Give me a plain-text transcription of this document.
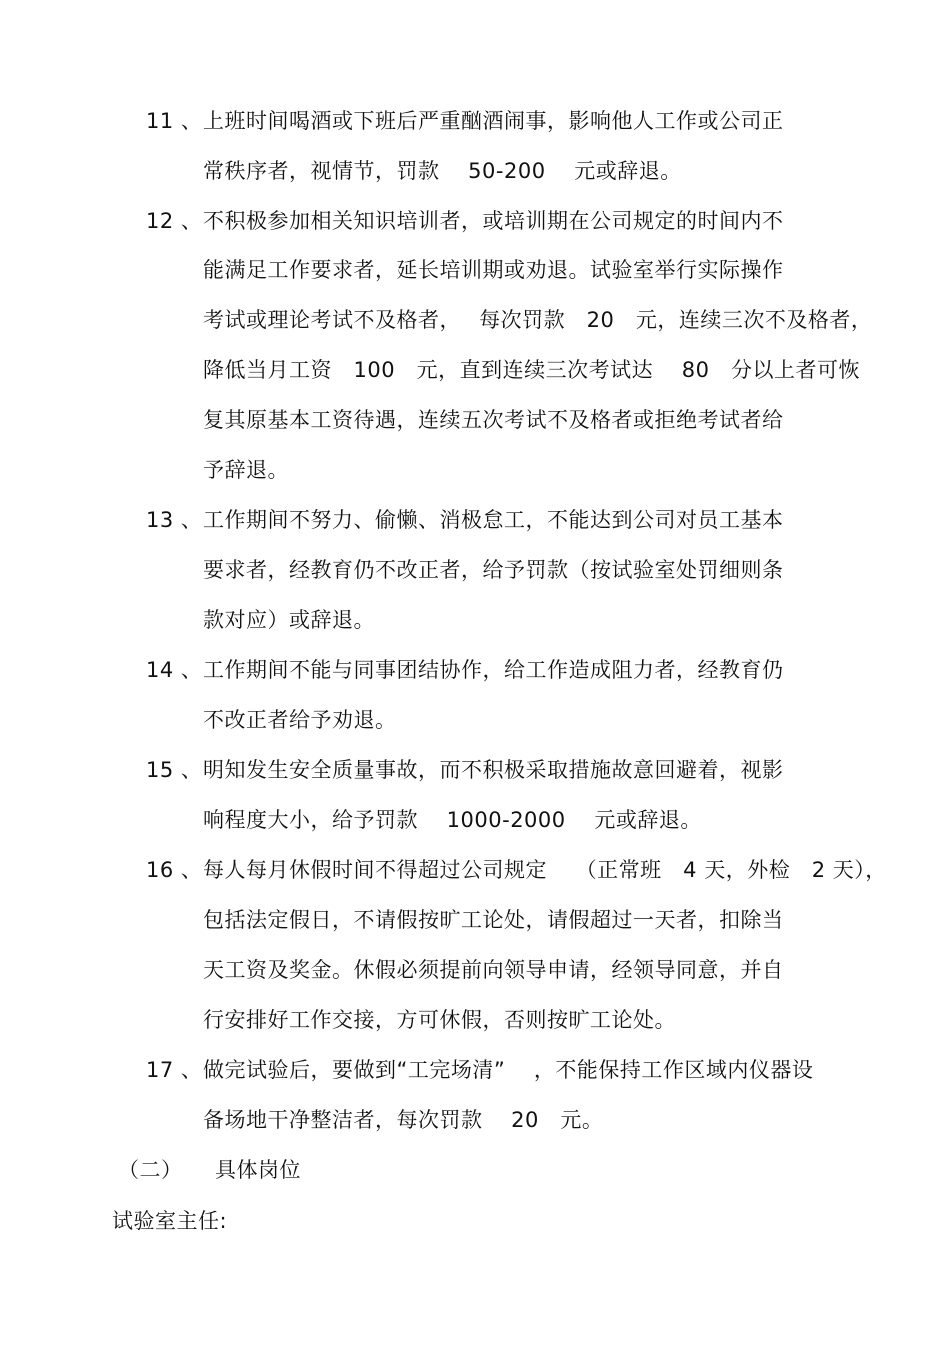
11 、 上班时间喝酒或下班后严重酗酒闹事，影响他人工作或公司正
常秩序者，视情节，罚款　 50-200 　元或辞退。
12 、 不积极参加相关知识培训者，或培训期在公司规定的时间内不
能满足工作要求者，延长培训期或劝退。试验室举行实际操作
考试或理论考试不及格者，　 每次罚款　20　元，连续三次不及格者，
降低当月工资　100　元，直到连续三次考试达　 80　分以上者可恢
复其原基本工资待遇，连续五次考试不及格者或拒绝考试者给
予辞退。
13 、 工作期间不努力、偷懒、消极怠工，不能达到公司对员工基本
要求者，经教育仍不改正者，给予罚款（按试验室处罚细则条
款对应）或辞退。
14 、 工作期间不能与同事团结协作，给工作造成阻力者，经教育仍
不改正者给予劝退。
15 、 明知发生安全质量事故，而不积极采取措施故意回避着，视影
响程度大小，给予罚款　 1000-2000 　元或辞退。
16 、 每人每月休假时间不得超过公司规定　 （正常班　4 天，外检　2 天），
包括法定假日，不请假按旷工论处，请假超过一天者，扣除当
天工资及奖金。休假必须提前向领导申请，经领导同意，并自
行安排好工作交接，方可休假，否则按旷工论处。
17 、 做完试验后，要做到“工完场清”　 ，不能保持工作区域内仪器设
备场地干净整洁者，每次罚款　 20　元。
（二）　　具体岗位
试验室主任:
